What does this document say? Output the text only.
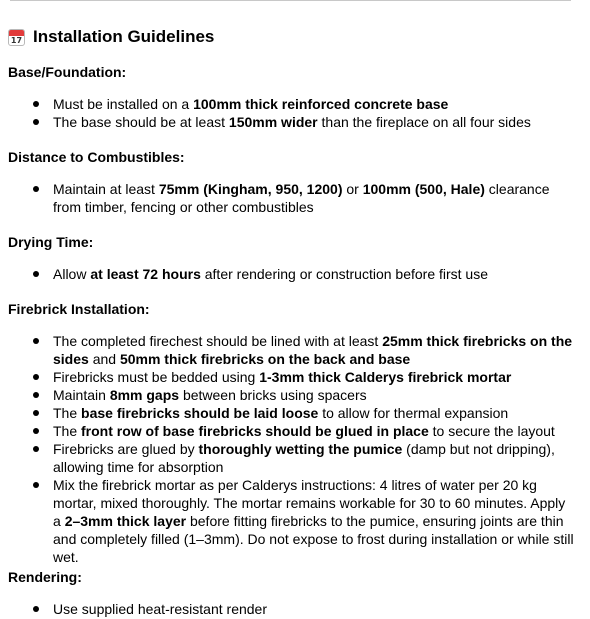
17 Installation Guidelines
Base/Foundation:
Must be installed on a 100mm thick reinforced concrete base
The base should be at least 150mm wider than the fireplace on all four sides
Distance to Combustibles:
Maintain at least 75mm (Kingham, 950, 1200) or 100mm (500, Hale) clearance from timber, fencing or other combustibles
Drying Time:
Allow at least 72 hours after rendering or construction before first use
Firebrick Installation:
The completed firechest should be lined with at least 25mm thick firebricks on the sides and 50mm thick firebricks on the back and base
Firebricks must be bedded using 1-3mm thick Calderys firebrick mortar
Maintain 8mm gaps between bricks using spacers
The base firebricks should be laid loose to allow for thermal expansion
The front row of base firebricks should be glued in place to secure the layout
Firebricks are glued by thoroughly wetting the pumice (damp but not dripping), allowing time for absorption
Mix the firebrick mortar as per Calderys instructions: 4 litres of water per 20 kg mortar, mixed thoroughly. The mortar remains workable for 30 to 60 minutes. Apply a 2–3mm thick layer before fitting firebricks to the pumice, ensuring joints are thin and completely filled (1–3mm). Do not expose to frost during installation or while still wet.
Rendering:
Use supplied heat-resistant render
